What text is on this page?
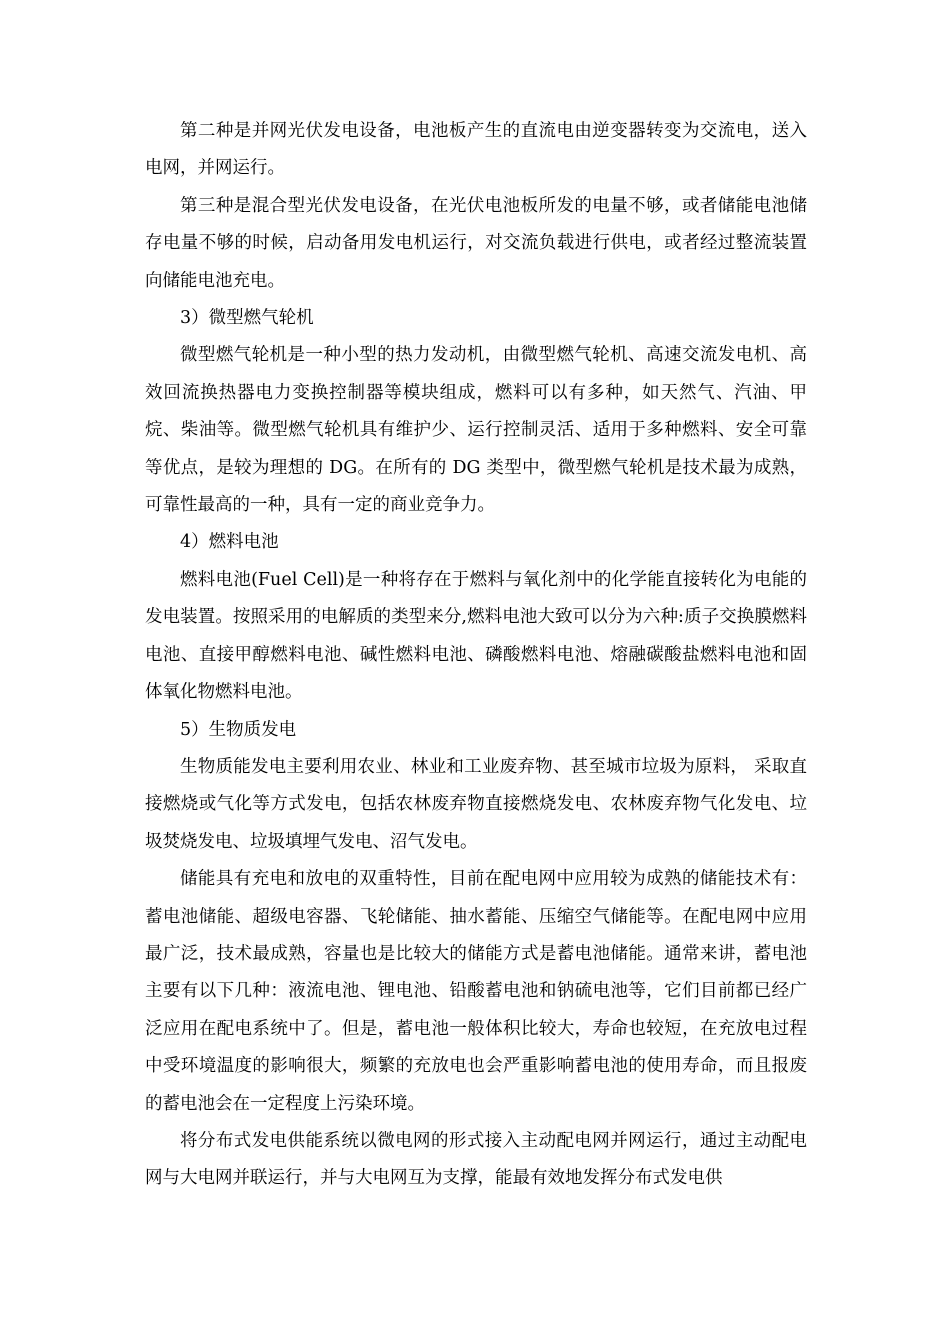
第二种是并网光伏发电设备，电池板产生的直流电由逆变器转变为交流电，送入电网，并网运行。

第三种是混合型光伏发电设备，在光伏电池板所发的电量不够，或者储能电池储存电量不够的时候，启动备用发电机运行，对交流负载进行供电，或者经过整流装置向储能电池充电。

3）微型燃气轮机

微型燃气轮机是一种小型的热力发动机，由微型燃气轮机、高速交流发电机、高效回流换热器电力变换控制器等模块组成，燃料可以有多种，如天然气、汽油、甲烷、柴油等。微型燃气轮机具有维护少、运行控制灵活、适用于多种燃料、安全可靠等优点，是较为理想的 DG。在所有的 DG 类型中，微型燃气轮机是技术最为成熟，可靠性最高的一种，具有一定的商业竞争力。

4）燃料电池

燃料电池(Fuel Cell)是一种将存在于燃料与氧化剂中的化学能直接转化为电能的发电装置。按照采用的电解质的类型来分,燃料电池大致可以分为六种:质子交换膜燃料电池、直接甲醇燃料电池、碱性燃料电池、磷酸燃料电池、熔融碳酸盐燃料电池和固体氧化物燃料电池。

5）生物质发电

生物质能发电主要利用农业、林业和工业废弃物、甚至城市垃圾为原料， 采取直接燃烧或气化等方式发电，包括农林废弃物直接燃烧发电、农林废弃物气化发电、垃圾焚烧发电、垃圾填埋气发电、沼气发电。

储能具有充电和放电的双重特性，目前在配电网中应用较为成熟的储能技术有：蓄电池储能、超级电容器、飞轮储能、抽水蓄能、压缩空气储能等。在配电网中应用最广泛，技术最成熟，容量也是比较大的储能方式是蓄电池储能。通常来讲，蓄电池主要有以下几种：液流电池、锂电池、铅酸蓄电池和钠硫电池等，它们目前都已经广泛应用在配电系统中了。但是，蓄电池一般体积比较大，寿命也较短，在充放电过程中受环境温度的影响很大，频繁的充放电也会严重影响蓄电池的使用寿命，而且报废的蓄电池会在一定程度上污染环境。

将分布式发电供能系统以微电网的形式接入主动配电网并网运行，通过主动配电网与大电网并联运行，并与大电网互为支撑，能最有效地发挥分布式发电供
